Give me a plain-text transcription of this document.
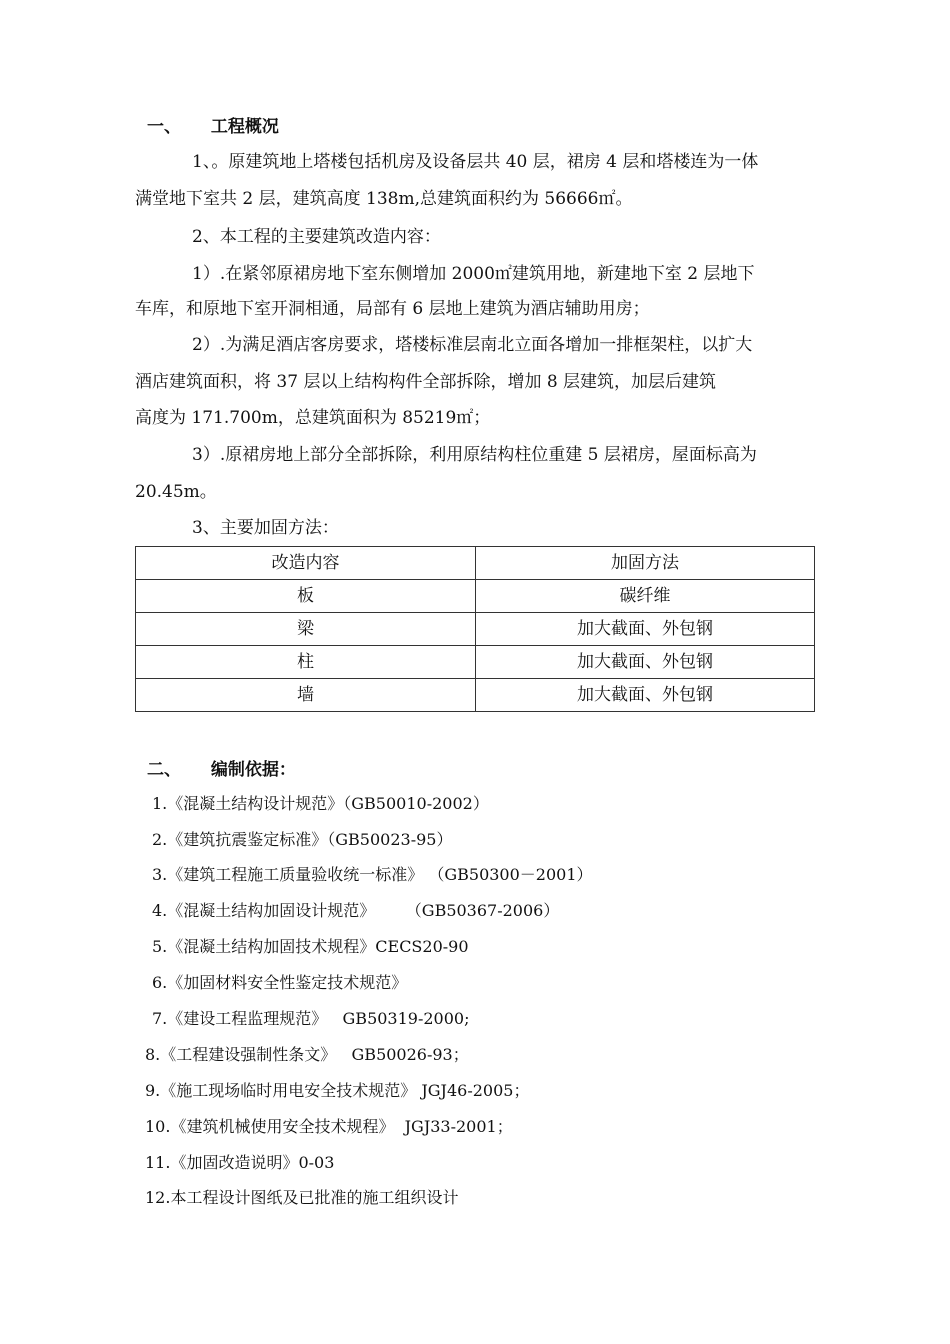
一、 工程概况
1、。原建筑地上塔楼包括机房及设备层共 40 层，裙房 4 层和塔楼连为一体
满堂地下室共 2 层，建筑高度 138m,总建筑面积约为 56666㎡。
2、本工程的主要建筑改造内容：
1）.在紧邻原裙房地下室东侧增加 2000㎡建筑用地，新建地下室 2 层地下
车库，和原地下室开洞相通，局部有 6 层地上建筑为酒店辅助用房；
2）.为满足酒店客房要求，塔楼标准层南北立面各增加一排框架柱，以扩大
酒店建筑面积，将 37 层以上结构构件全部拆除，增加 8 层建筑，加层后建筑
高度为 171.700m，总建筑面积为 85219㎡；
3）.原裙房地上部分全部拆除，利用原结构柱位重建 5 层裙房，屋面标高为
20.45m。
3、主要加固方法：
改造内容	加固方法
板	碳纤维
梁	加大截面、外包钢
柱	加大截面、外包钢
墙	加大截面、外包钢
二、 编制依据：
1.《混凝土结构设计规范》（GB50010-2002）
2.《建筑抗震鉴定标准》（GB50023-95）
3.《建筑工程施工质量验收统一标准》 （GB50300－2001）
4.《混凝土结构加固设计规范》      （GB50367-2006）
5.《混凝土结构加固技术规程》CECS20-90
6.《加固材料安全性鉴定技术规范》
7.《建设工程监理规范》   GB50319-2000;
8.《工程建设强制性条文》   GB50026-93；
9.《施工现场临时用电安全技术规范》 JGJ46-2005；
10.《建筑机械使用安全技术规程》  JGJ33-2001；
11.《加固改造说明》0-03
12.本工程设计图纸及已批准的施工组织设计
